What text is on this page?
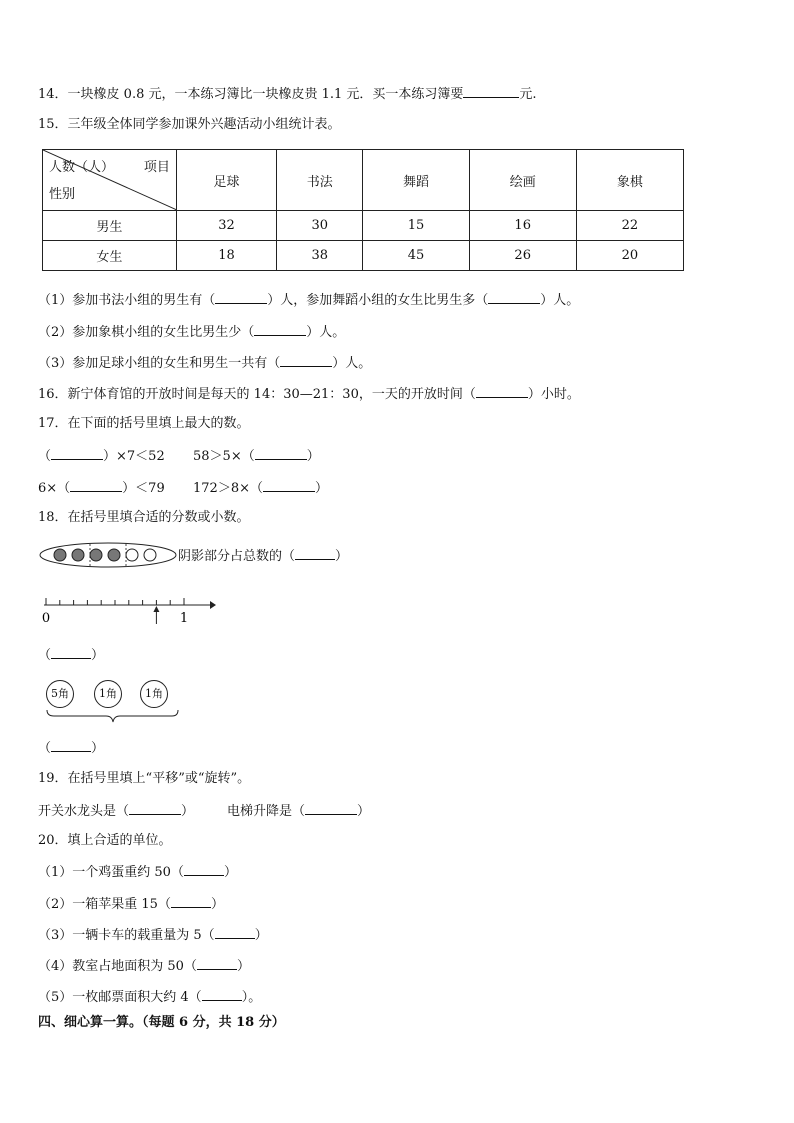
14．一块橡皮 0.8 元，一本练习簿比一块橡皮贵 1.1 元．买一本练习簿要	元.
15．三年级全体同学参加课外兴趣活动小组统计表。
人数（人） 项目
性别	足球	书法	舞蹈	绘画	象棋
男生	32	30	15	16	22
女生	18	38	45	26	20
（1）参加书法小组的男生有（	）人，参加舞蹈小组的女生比男生多（	）人。
（2）参加象棋小组的女生比男生少（	）人。
（3）参加足球小组的女生和男生一共有（	）人。
16．新宁体育馆的开放时间是每天的 14：30—21：30，一天的开放时间（	）小时。
17．在下面的括号里填上最大的数。
（	）×7＜52 58＞5×（	）
6×（	）＜79 172＞8×（	）
18．在括号里填合适的分数或小数。
阴影部分占总数的（	）
0	1
（	）
5角	1角	1角
（	）
19．在括号里填上“平移”或“旋转”。
开关水龙头是（	）	电梯升降是（	）
20．填上合适的单位。
（1）一个鸡蛋重约 50（	）
（2）一箱苹果重 15（	）
（3）一辆卡车的载重量为 5（	）
（4）教室占地面积为 50（	）
（5）一枚邮票面积大约 4（	）。
四、细心算一算。（每题 6 分，共 18 分）
